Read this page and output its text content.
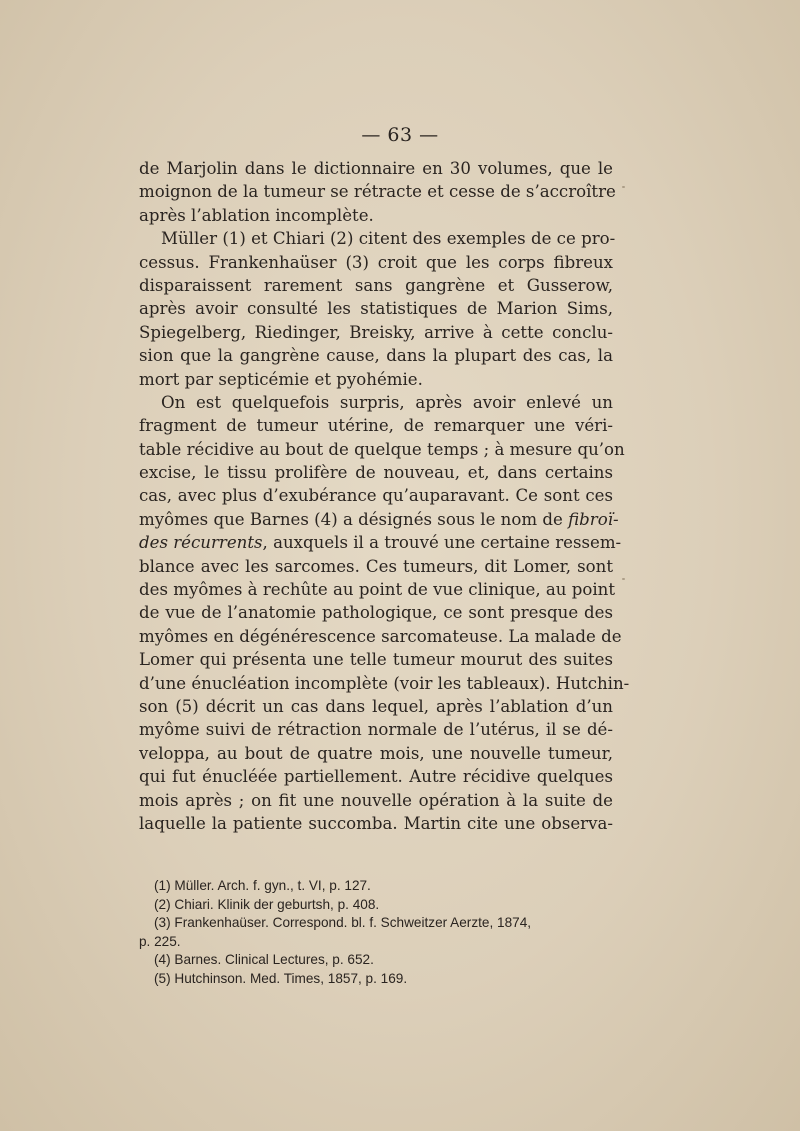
— 63 —
de Marjolin dans le dictionnaire en 30 volumes, que le
moignon de la tumeur se rétracte et cesse de s’accroître
après l’ablation incomplète.
Müller (1) et Chiari (2) citent des exemples de ce pro-
cessus. Frankenhaüser (3) croit que les corps fibreux
disparaissent rarement sans gangrène et Gusserow,
après avoir consulté les statistiques de Marion Sims,
Spiegelberg, Riedinger, Breisky, arrive à cette conclu-
sion que la gangrène cause, dans la plupart des cas, la
mort par septicémie et pyohémie.
On est quelquefois surpris, après avoir enlevé un
fragment de tumeur utérine, de remarquer une véri-
table récidive au bout de quelque temps ; à mesure qu’on
excise, le tissu prolifère de nouveau, et, dans certains
cas, avec plus d’exubérance qu’auparavant. Ce sont ces
myômes que Barnes (4) a désignés sous le nom de fibroï-
des récurrents, auxquels il a trouvé une certaine ressem-
blance avec les sarcomes. Ces tumeurs, dit Lomer, sont
des myômes à rechûte au point de vue clinique, au point
de vue de l’anatomie pathologique, ce sont presque des
myômes en dégénérescence sarcomateuse. La malade de
Lomer qui présenta une telle tumeur mourut des suites
d’une énucléation incomplète (voir les tableaux). Hutchin-
son (5) décrit un cas dans lequel, après l’ablation d’un
myôme suivi de rétraction normale de l’utérus, il se dé-
veloppa, au bout de quatre mois, une nouvelle tumeur,
qui fut énucléée partiellement. Autre récidive quelques
mois après ; on fit une nouvelle opération à la suite de
laquelle la patiente succomba. Martin cite une observa-
(1) Müller. Arch. f. gyn., t. VI, p. 127.
(2) Chiari. Klinik der geburtsh, p. 408.
(3) Frankenhaüser. Correspond. bl. f. Schweitzer Aerzte, 1874,
p. 225.
(4) Barnes. Clinical Lectures, p. 652.
(5) Hutchinson. Med. Times, 1857, p. 169.
